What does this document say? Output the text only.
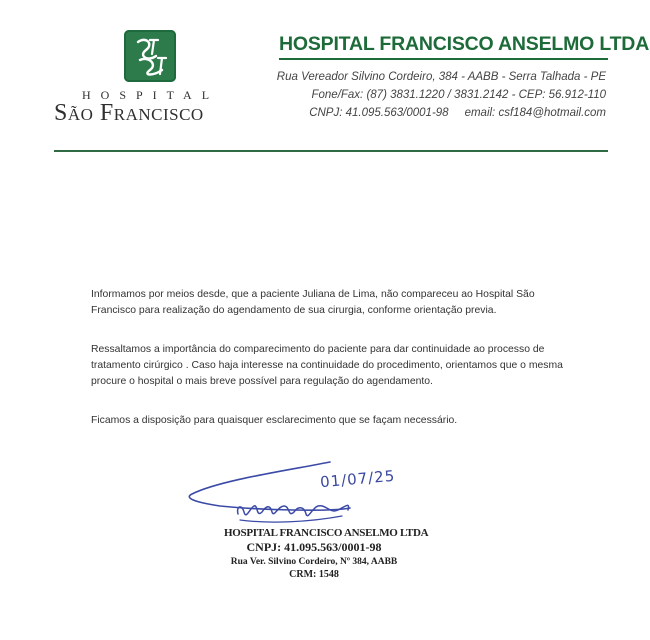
HOSPITAL
São Francisco
HOSPITAL FRANCISCO ANSELMO LTDA
Rua Vereador Silvino Cordeiro, 384 - AABB - Serra Talhada - PE
Fone/Fax: (87) 3831.1220 / 3831.2142 - CEP: 56.912-110
CNPJ: 41.095.563/0001-98 email: csf184@hotmail.com
Informamos por meios desde, que a paciente Juliana de Lima, não compareceu ao Hospital São Francisco para realização do agendamento de sua cirurgia, conforme orientação previa.
Ressaltamos a importância do comparecimento do paciente para dar continuidade ao processo de tratamento cirúrgico . Caso haja interesse na continuidade do procedimento, orientamos que o mesma procure o hospital o mais breve possível para regulação do agendamento.
Ficamos a disposição para quaisquer esclarecimento que se façam necessário.
01/07/25
HOSPITAL FRANCISCO ANSELMO LTDA
CNPJ: 41.095.563/0001-98
Rua Ver. Silvino Cordeiro, Nº 384, AABB
CRM: 1548
